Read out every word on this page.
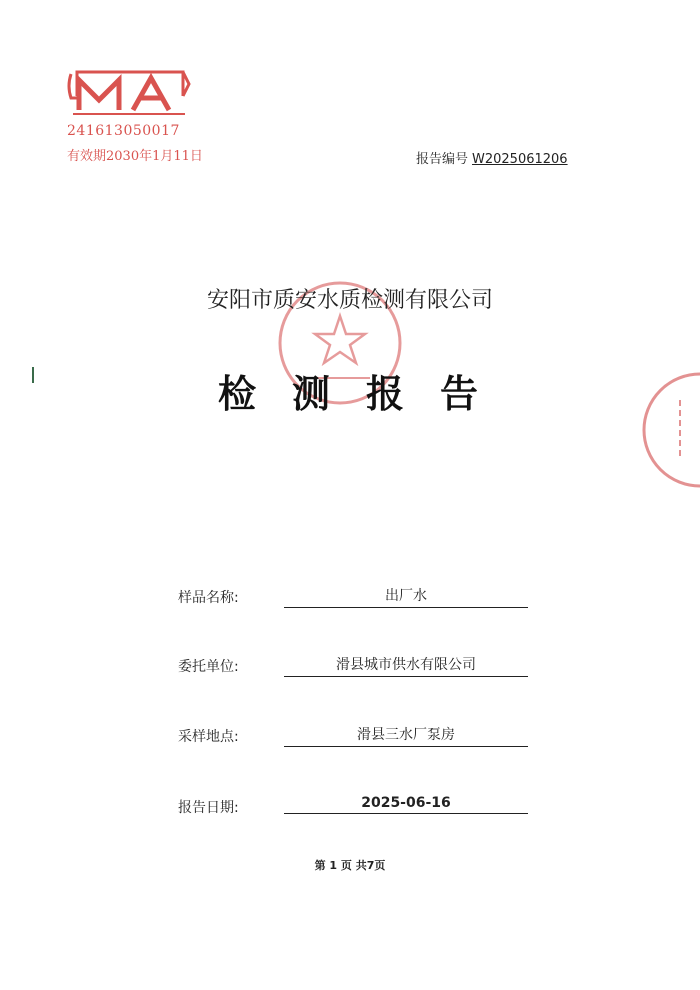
241613050017
有效期2030年1月11日	报告编号 W2025061206
安阳市质安水质检测有限公司
检 测 报 告
样品名称:	出厂水
委托单位:	滑县城市供水有限公司
采样地点:	滑县三水厂泵房
报告日期:	2025-06-16
第 1 页 共7页
